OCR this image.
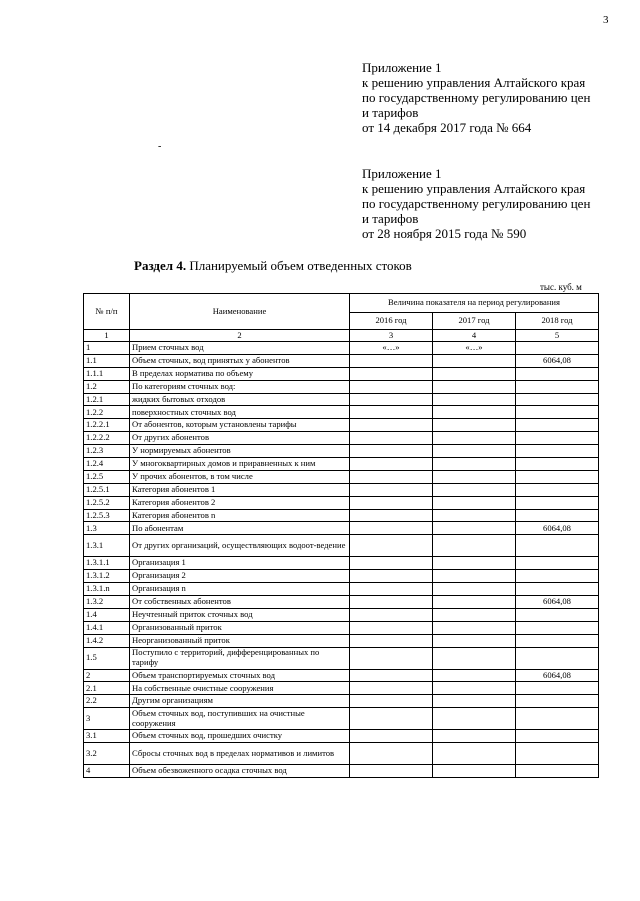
3
Приложение 1
к решению управления Алтайского края
по государственному регулированию цен
и тарифов
от 14 декабря 2017 года № 664
-
Приложение 1
к решению управления Алтайского края
по государственному регулированию цен
и тарифов
от 28 ноября 2015 года № 590
Раздел 4. Планируемый объем отведенных стоков
тыс. куб. м
№ п/п	Наименование	Величина показателя на период регулирования		
		2016 год	2017 год	2018 год
1	2	3	4	5
1	Прием сточных вод	«…»	«…»	
1.1	Объем сточных, вод принятых у абонентов			6064,08
1.1.1	В пределах норматива по объему			
1.2	По категориям сточных вод:			
1.2.1	жидких бытовых отходов			
1.2.2	поверхностных сточных вод			
1.2.2.1	От абонентов, которым установлены тарифы			
1.2.2.2	От других абонентов			
1.2.3	У нормируемых абонентов			
1.2.4	У многоквартирных домов и приравненных к ним			
1.2.5	У прочих абонентов, в том числе			
1.2.5.1	Категория абонентов 1			
1.2.5.2	Категория абонентов 2			
1.2.5.3	Категория абонентов n			
1.3	По абонентам			6064,08
1.3.1	От других организаций, осуществляющих водоот-ведение			
1.3.1.1	Организация 1			
1.3.1.2	Организация 2			
1.3.1.n	Организация n			
1.3.2	От собственных абонентов			6064,08
1.4	Неучтенный приток сточных вод			
1.4.1	Организованный приток			
1.4.2	Неорганизованный приток			
1.5	Поступило с территорий, дифференцированных по тарифу			
2	Объем транспортируемых сточных вод			6064,08
2.1	На собственные очистные сооружения			
2.2	Другим организациям			
3	Объем сточных вод, поступивших на очистные сооружения			
3.1	Объем сточных вод, прошедших очистку			
3.2	Сбросы сточных вод в пределах нормативов и лимитов			
4	Объем обезвоженного осадка сточных вод			
